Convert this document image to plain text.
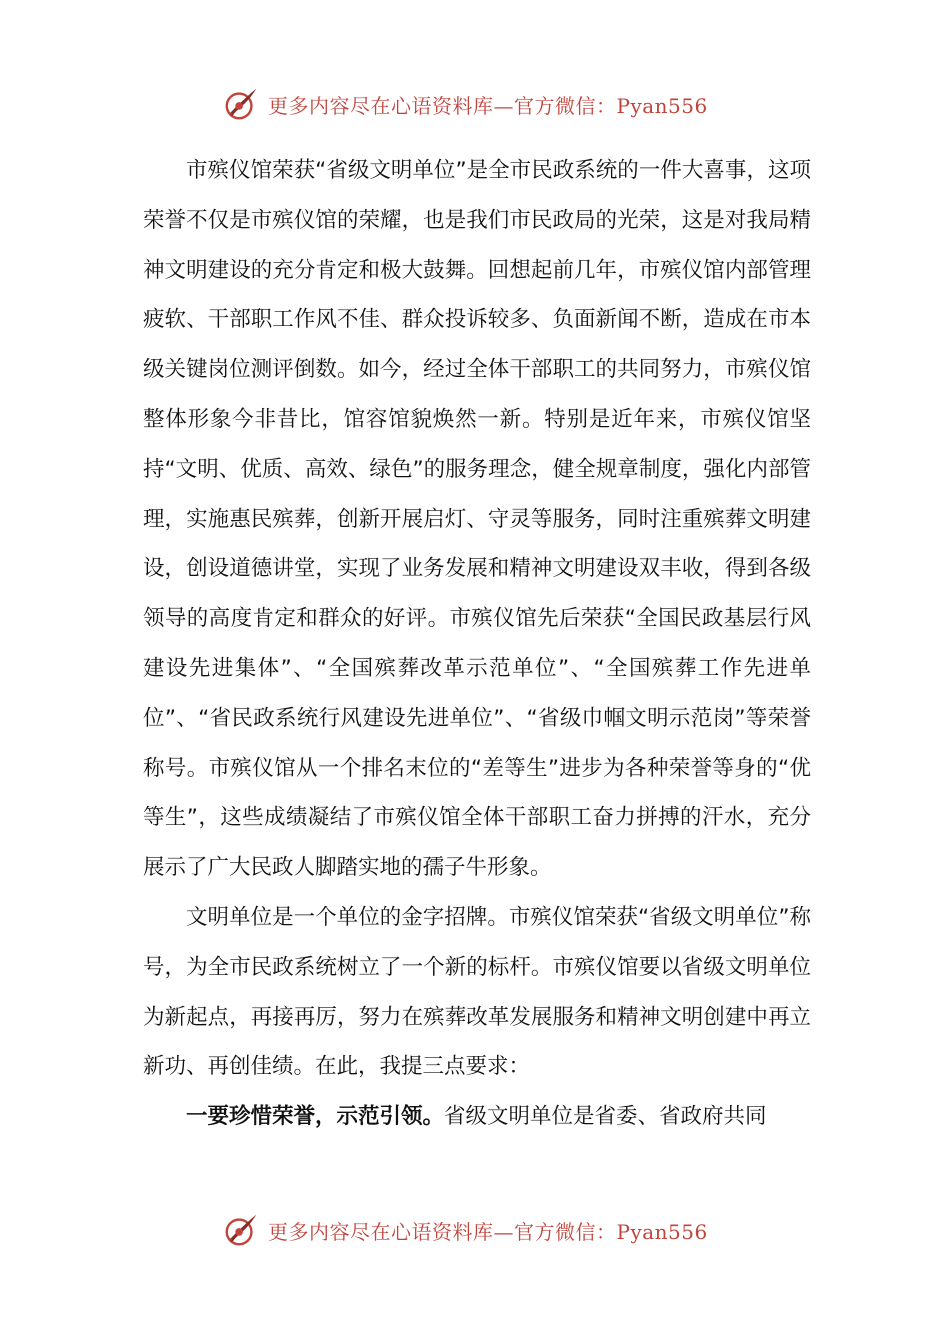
更多内容尽在心语资料库—官方微信：Pyan556

市殡仪馆荣获“省级文明单位”是全市民政系统的一件大喜事，这项荣誉不仅是市殡仪馆的荣耀，也是我们市民政局的光荣，这是对我局精神文明建设的充分肯定和极大鼓舞。回想起前几年，市殡仪馆内部管理疲软、干部职工作风不佳、群众投诉较多、负面新闻不断，造成在市本级关键岗位测评倒数。如今，经过全体干部职工的共同努力，市殡仪馆整体形象今非昔比，馆容馆貌焕然一新。特别是近年来，市殡仪馆坚持“文明、优质、高效、绿色”的服务理念，健全规章制度，强化内部管理，实施惠民殡葬，创新开展启灯、守灵等服务，同时注重殡葬文明建设，创设道德讲堂，实现了业务发展和精神文明建设双丰收，得到各级领导的高度肯定和群众的好评。市殡仪馆先后荣获“全国民政基层行风建设先进集体”、“全国殡葬改革示范单位”、“全国殡葬工作先进单位”、“省民政系统行风建设先进单位”、“省级巾帼文明示范岗”等荣誉称号。市殡仪馆从一个排名末位的“差等生”进步为各种荣誉等身的“优等生”，这些成绩凝结了市殡仪馆全体干部职工奋力拼搏的汗水，充分展示了广大民政人脚踏实地的孺子牛形象。

文明单位是一个单位的金字招牌。市殡仪馆荣获“省级文明单位”称号，为全市民政系统树立了一个新的标杆。市殡仪馆要以省级文明单位为新起点，再接再厉，努力在殡葬改革发展服务和精神文明创建中再立新功、再创佳绩。在此，我提三点要求：

一要珍惜荣誉，示范引领。省级文明单位是省委、省政府共同

更多内容尽在心语资料库—官方微信：Pyan556
